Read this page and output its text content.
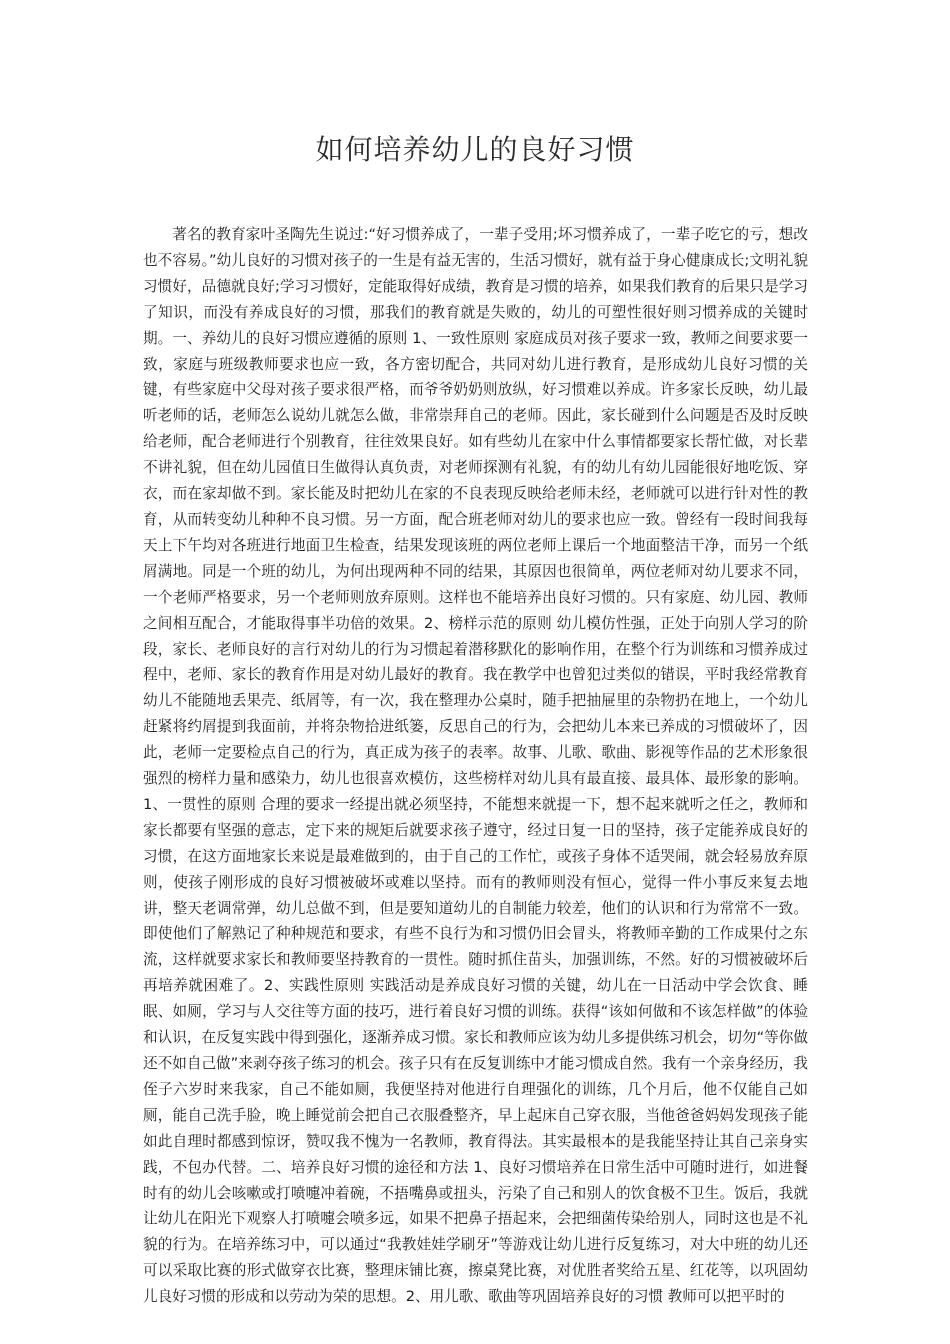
如何培养幼儿的良好习惯

著名的教育家叶圣陶先生说过:“好习惯养成了，一辈子受用;坏习惯养成了，一辈子吃它的亏，想改也不容易。”幼儿良好的习惯对孩子的一生是有益无害的，生活习惯好，就有益于身心健康成长;文明礼貌习惯好，品德就良好;学习习惯好，定能取得好成绩，教育是习惯的培养，如果我们教育的后果只是学习了知识，而没有养成良好的习惯，那我们的教育就是失败的，幼儿的可塑性很好则习惯养成的关键时期。一、养幼儿的良好习惯应遵循的原则 1、一致性原则 家庭成员对孩子要求一致，教师之间要求要一致，家庭与班级教师要求也应一致，各方密切配合，共同对幼儿进行教育，是形成幼儿良好习惯的关键，有些家庭中父母对孩子要求很严格，而爷爷奶奶则放纵，好习惯难以养成。许多家长反映，幼儿最听老师的话，老师怎么说幼儿就怎么做，非常崇拜自己的老师。因此，家长碰到什么问题是否及时反映给老师，配合老师进行个别教育，往往效果良好。如有些幼儿在家中什么事情都要家长帮忙做，对长辈不讲礼貌，但在幼儿园值日生做得认真负责，对老师探测有礼貌，有的幼儿有幼儿园能很好地吃饭、穿衣，而在家却做不到。家长能及时把幼儿在家的不良表现反映给老师未经，老师就可以进行针对性的教育，从而转变幼儿种种不良习惯。另一方面，配合班老师对幼儿的要求也应一致。曾经有一段时间我每天上下午均对各班进行地面卫生检查，结果发现该班的两位老师上课后一个地面整洁干净，而另一个纸屑满地。同是一个班的幼儿，为何出现两种不同的结果，其原因也很简单，两位老师对幼儿要求不同，一个老师严格要求，另一个老师则放弃原则。这样也不能培养出良好习惯的。只有家庭、幼儿园、教师之间相互配合，才能取得事半功倍的效果。2、榜样示范的原则 幼儿模仿性强，正处于向别人学习的阶段，家长、老师良好的言行对幼儿的行为习惯起着潜移默化的影响作用，在整个行为训练和习惯养成过程中，老师、家长的教育作用是对幼儿最好的教育。我在教学中也曾犯过类似的错误，平时我经常教育幼儿不能随地丢果壳、纸屑等，有一次，我在整理办公桌时，随手把抽屉里的杂物扔在地上，一个幼儿赶紧将约屑提到我面前，并将杂物拾进纸篓，反思自己的行为，会把幼儿本来已养成的习惯破坏了，因此，老师一定要检点自己的行为，真正成为孩子的表率。故事、儿歌、歌曲、影视等作品的艺术形象很强烈的榜样力量和感染力，幼儿也很喜欢模仿，这些榜样对幼儿具有最直接、最具体、最形象的影响。1、一贯性的原则 合理的要求一经提出就必须坚持，不能想来就提一下，想不起来就听之任之，教师和家长都要有坚强的意志，定下来的规矩后就要求孩子遵守，经过日复一日的坚持，孩子定能养成良好的习惯，在这方面地家长来说是最难做到的，由于自己的工作忙，或孩子身体不适哭闹，就会轻易放弃原则，使孩子刚形成的良好习惯被破坏或难以坚持。而有的教师则没有恒心，觉得一件小事反来复去地讲，整天老调常弹，幼儿总做不到，但是要知道幼儿的自制能力较差，他们的认识和行为常常不一致。即使他们了解熟记了种种规范和要求，有些不良行为和习惯仍旧会冒头，将教师辛勤的工作成果付之东流，这样就要求家长和教师要坚持教育的一贯性。随时抓住苗头，加强训练，不然。好的习惯被破坏后再培养就困难了。2、实践性原则 实践活动是养成良好习惯的关键，幼儿在一日活动中学会饮食、睡眠、如厕，学习与人交往等方面的技巧，进行着良好习惯的训练。获得“该如何做和不该怎样做”的体验和认识，在反复实践中得到强化，逐渐养成习惯。家长和教师应该为幼儿多提供练习机会，切勿“等你做还不如自己做”来剥夺孩子练习的机会。孩子只有在反复训练中才能习惯成自然。我有一个亲身经历，我侄子六岁时来我家，自己不能如厕，我便坚持对他进行自理强化的训练，几个月后，他不仅能自己如厕，能自己洗手脸，晚上睡觉前会把自己衣服叠整齐，早上起床自己穿衣服，当他爸爸妈妈发现孩子能如此自理时都感到惊讶，赞叹我不愧为一名教师，教育得法。其实最根本的是我能坚持让其自己亲身实践，不包办代替。二、培养良好习惯的途径和方法 1、良好习惯培养在日常生活中可随时进行，如进餐时有的幼儿会咳嗽或打喷嚏冲着碗，不捂嘴鼻或扭头，污染了自己和别人的饮食极不卫生。饭后，我就让幼儿在阳光下观察人打喷嚏会喷多远，如果不把鼻子捂起来，会把细菌传染给别人，同时这也是不礼貌的行为。在培养练习中，可以通过“我教娃娃学刷牙”等游戏让幼儿进行反复练习，对大中班的幼儿还可以采取比赛的形式做穿衣比赛，整理床铺比赛，擦桌凳比赛，对优胜者奖给五星、红花等，以巩固幼儿良好习惯的形成和以劳动为荣的思想。2、用儿歌、歌曲等巩固培养良好的习惯 教师可以把平时的
